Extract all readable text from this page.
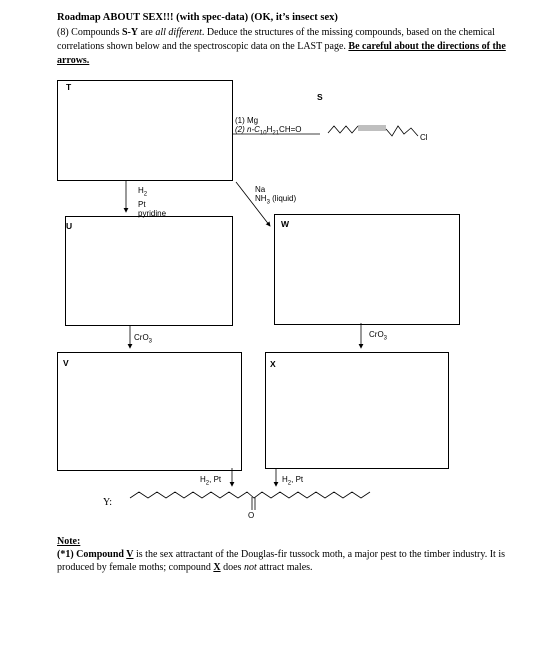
Roadmap ABOUT SEX!!! (with spec-data) (OK, it’s insect sex)
(8) Compounds S-Y are all different. Deduce the structures of the missing compounds, based on the chemical correlations shown below and the spectroscopic data on the LAST page. Be careful about the directions of the arrows.
T
U
V
W
X
S
Y:
(1) Mg
(2) $n-C_{10}H_{21}CH=O$
$H_2$
Pt
pyridine
Na
$NH_3$ (liquid)
CrO$_3$
CrO$_3$
$H_2$, Pt	$H_2$, Pt
Cl
O
Note:
(*1) Compound V is the sex attractant of the Douglas-fir tussock moth, a major pest to the timber industry. It is produced by female moths; compound X does not attract males.
